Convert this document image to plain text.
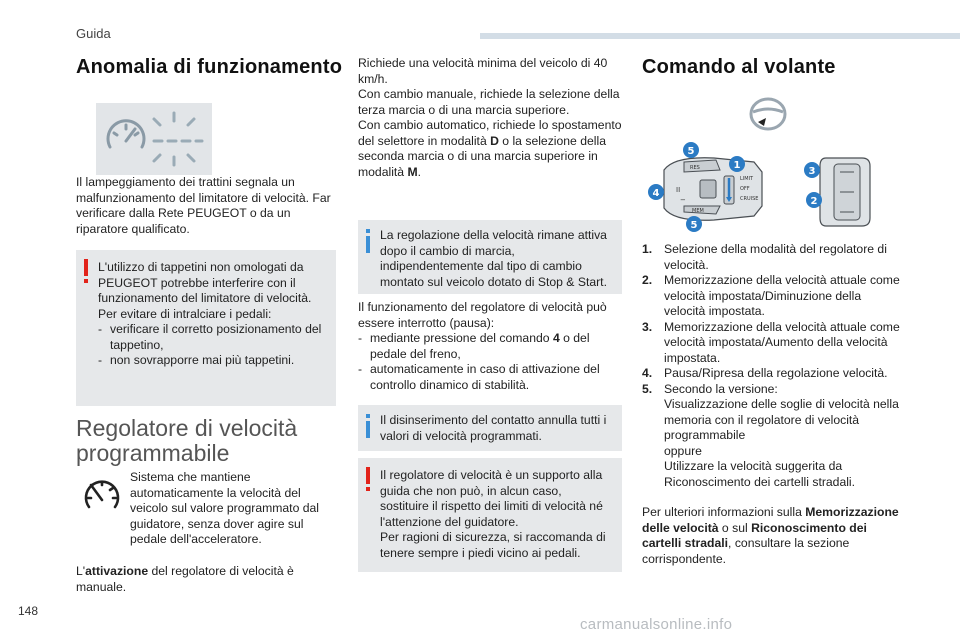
Guida
Anomalia di funzionamento
Il lampeggiamento dei trattini segnala un malfunzionamento del limitatore di velocità. Far verificare dalla Rete PEUGEOT o da un riparatore qualificato.
L'utilizzo di tappetini non omologati da PEUGEOT potrebbe interferire con il funzionamento del limitatore di velocità.
Per evitare di intralciare i pedali:
- verificare il corretto posizionamento del tappetino,
- non sovrapporre mai più tappetini.
Regolatore di velocità
programmabile
Sistema che mantiene automaticamente la velocità del veicolo sul valore programmato dal guidatore, senza dover agire sul pedale dell'acceleratore.
L'attivazione del regolatore di velocità è manuale.
Richiede una velocità minima del veicolo di 40 km/h.
Con cambio manuale, richiede la selezione della terza marcia o di una marcia superiore.
Con cambio automatico, richiede lo spostamento del selettore in modalità D o la selezione della seconda marcia o di una marcia superiore in modalità M.
La regolazione della velocità rimane attiva dopo il cambio di marcia, indipendentemente dal tipo di cambio montato sul veicolo dotato di Stop & Start.
Il funzionamento del regolatore di velocità può essere interrotto (pausa):
- mediante pressione del comando 4 o del pedale del freno,
- automaticamente in caso di attivazione del controllo dinamico di stabilità.
Il disinserimento del contatto annulla tutti i valori di velocità programmati.
Il regolatore di velocità è un supporto alla guida che non può, in alcun caso, sostituire il rispetto dei limiti di velocità né l'attenzione del guidatore.
Per ragioni di sicurezza, si raccomanda di tenere sempre i piedi vicino ai pedali.
Comando al volante
RES
LIMIT
OFF
CRUISE
MEM
II
−
5
1
4
5
3
2
1. Selezione della modalità del regolatore di velocità.
2. Memorizzazione della velocità attuale come velocità impostata/Diminuzione della velocità impostata.
3. Memorizzazione della velocità attuale come velocità impostata/Aumento della velocità impostata.
4. Pausa/Ripresa della regolazione velocità.
5. Secondo la versione:
Visualizzazione delle soglie di velocità nella memoria con il regolatore di velocità programmabile
oppure
Utilizzare la velocità suggerita da Riconoscimento dei cartelli stradali.
Per ulteriori informazioni sulla Memorizzazione delle velocità o sul Riconoscimento dei cartelli stradali, consultare la sezione corrispondente.
148
carmanualsonline.info
